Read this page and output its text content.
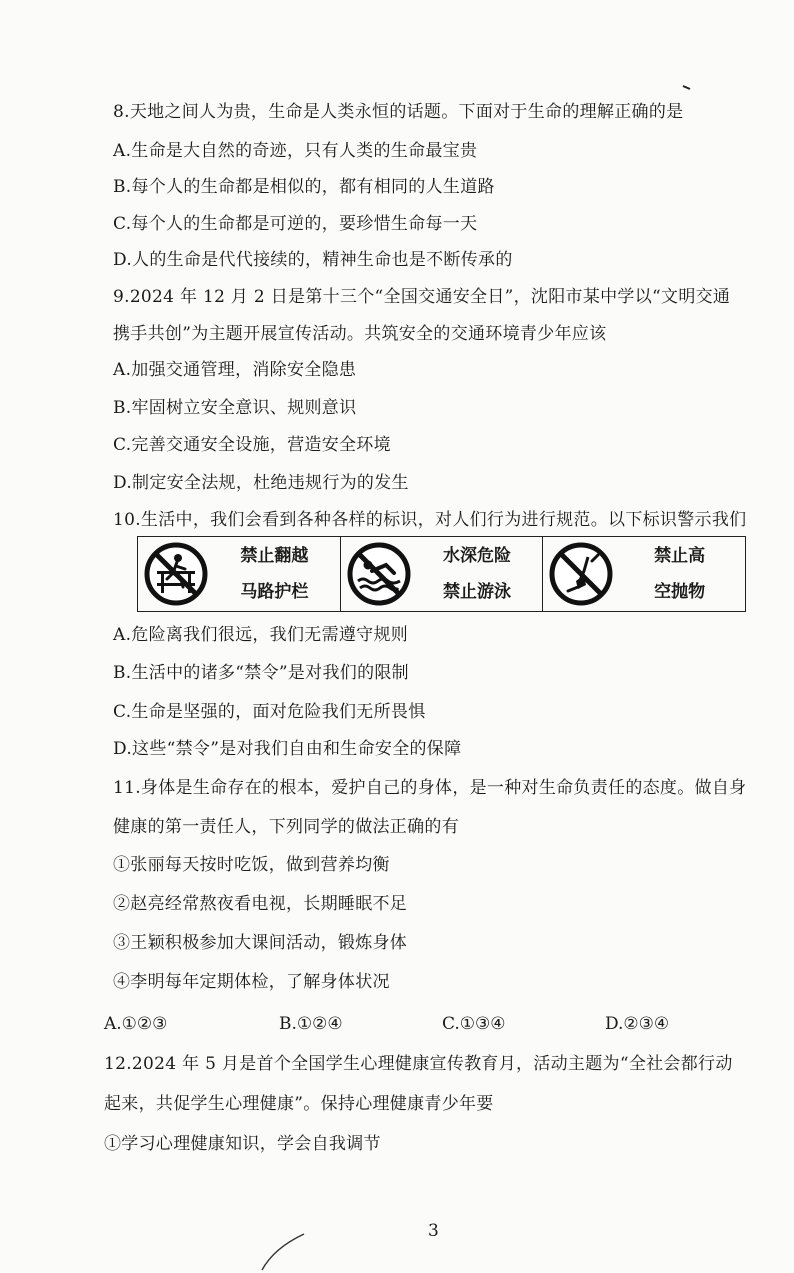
8.天地之间人为贵，生命是人类永恒的话题。下面对于生命的理解正确的是
A.生命是大自然的奇迹，只有人类的生命最宝贵
B.每个人的生命都是相似的，都有相同的人生道路
C.每个人的生命都是可逆的，要珍惜生命每一天
D.人的生命是代代接续的，精神生命也是不断传承的
9.2024 年 12 月 2 日是第十三个“全国交通安全日”，沈阳市某中学以“文明交通
携手共创”为主题开展宣传活动。共筑安全的交通环境青少年应该
A.加强交通管理，消除安全隐患
B.牢固树立安全意识、规则意识
C.完善交通安全设施，营造安全环境
D.制定安全法规，杜绝违规行为的发生
10.生活中，我们会看到各种各样的标识，对人们行为进行规范。以下标识警示我们
禁止翻越
马路护栏
水深危险
禁止游泳
禁止高
空抛物
A.危险离我们很远，我们无需遵守规则
B.生活中的诸多“禁令”是对我们的限制
C.生命是坚强的，面对危险我们无所畏惧
D.这些“禁令”是对我们自由和生命安全的保障
11.身体是生命存在的根本，爱护自己的身体，是一种对生命负责任的态度。做自身
健康的第一责任人，下列同学的做法正确的有
①张丽每天按时吃饭，做到营养均衡
②赵亮经常熬夜看电视，长期睡眠不足
③王颖积极参加大课间活动，锻炼身体
④李明每年定期体检，了解身体状况
A.①②③	B.①②④	C.①③④	D.②③④
12.2024 年 5 月是首个全国学生心理健康宣传教育月，活动主题为“全社会都行动
起来，共促学生心理健康”。保持心理健康青少年要
①学习心理健康知识，学会自我调节
3
